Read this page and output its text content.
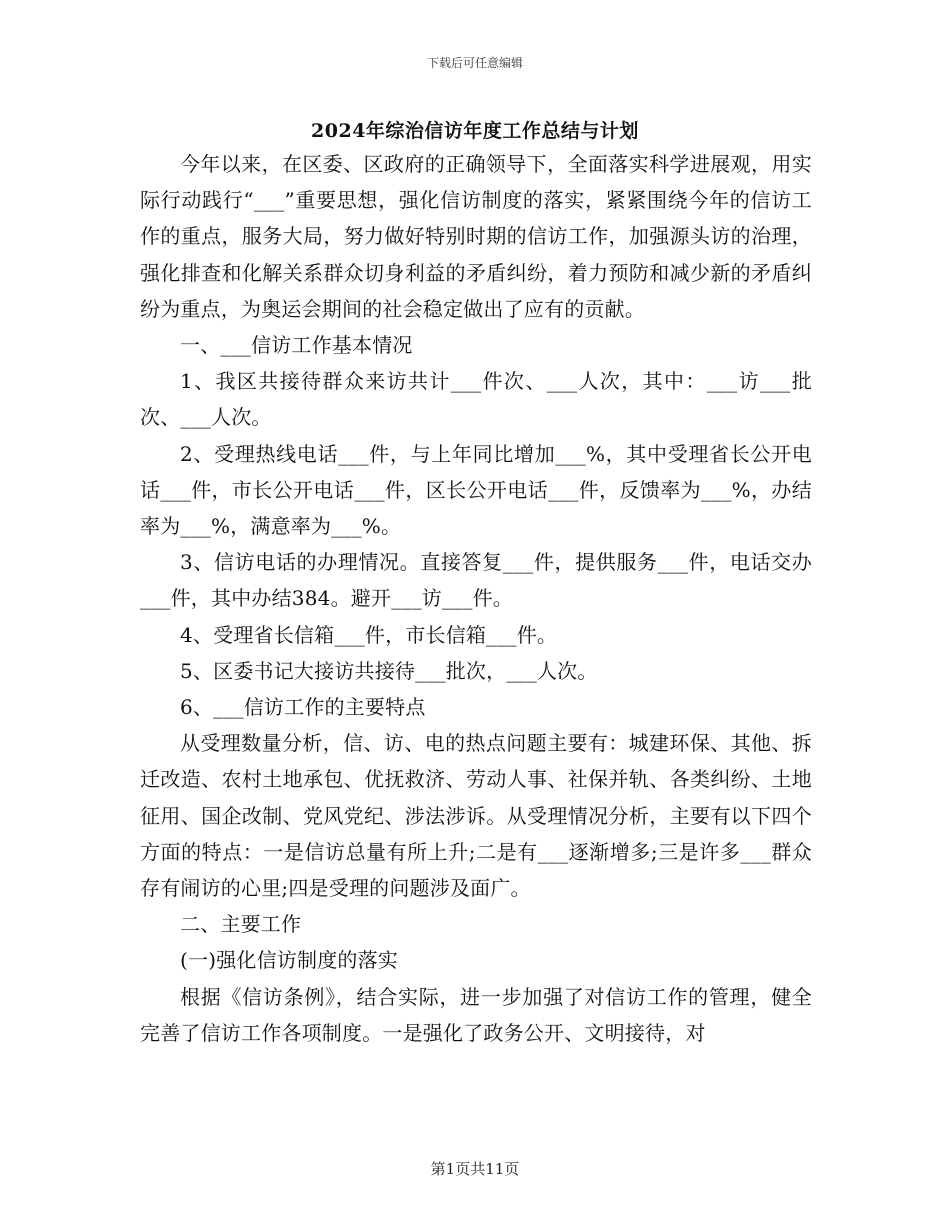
下载后可任意编辑
2024年综治信访年度工作总结与计划

今年以来，在区委、区政府的正确领导下，全面落实科学进展观，用实际行动践行“___”重要思想，强化信访制度的落实，紧紧围绕今年的信访工作的重点，服务大局，努力做好特别时期的信访工作，加强源头访的治理，强化排查和化解关系群众切身利益的矛盾纠纷，着力预防和减少新的矛盾纠纷为重点，为奥运会期间的社会稳定做出了应有的贡献。

一、___信访工作基本情况

1、我区共接待群众来访共计___件次、___人次，其中：___访___批次、___人次。

2、受理热线电话___件，与上年同比增加___%，其中受理省长公开电话___件，市长公开电话___件，区长公开电话___件，反馈率为___%，办结率为___%，满意率为___%。

3、信访电话的办理情况。直接答复___件，提供服务___件，电话交办___件，其中办结384。避开___访___件。

4、受理省长信箱___件，市长信箱___件。

5、区委书记大接访共接待___批次，___人次。

6、___信访工作的主要特点

从受理数量分析，信、访、电的热点问题主要有：城建环保、其他、拆迁改造、农村土地承包、优抚救济、劳动人事、社保并轨、各类纠纷、土地征用、国企改制、党风党纪、涉法涉诉。从受理情况分析，主要有以下四个方面的特点：一是信访总量有所上升;二是有___逐渐增多;三是许多___群众存有闹访的心里;四是受理的问题涉及面广。

二、主要工作

(一)强化信访制度的落实

根据《信访条例》，结合实际，进一步加强了对信访工作的管理，健全完善了信访工作各项制度。一是强化了政务公开、文明接待，对

第1页共11页
